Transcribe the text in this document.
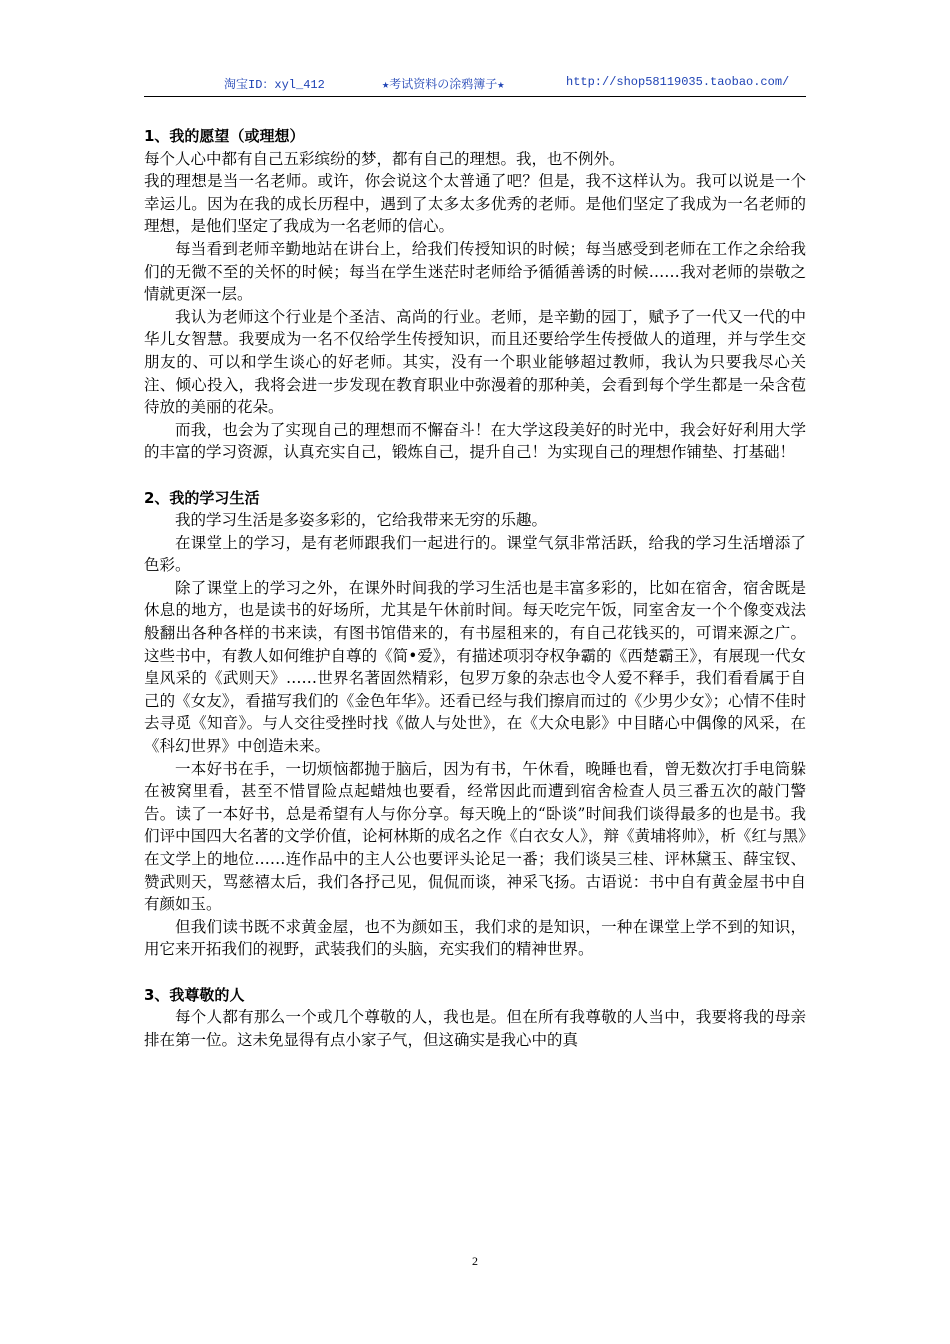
淘宝ID：xyl_412	★考试资料の涂鸦簿子★	http://shop58119035.taobao.com/

1、我的愿望（或理想）

每个人心中都有自己五彩缤纷的梦，都有自己的理想。我，也不例外。

我的理想是当一名老师。或许，你会说这个太普通了吧？但是，我不这样认为。我可以说是一个幸运儿。因为在我的成长历程中，遇到了太多太多优秀的老师。是他们坚定了我成为一名老师的理想，是他们坚定了我成为一名老师的信心。

每当看到老师辛勤地站在讲台上，给我们传授知识的时候；每当感受到老师在工作之余给我们的无微不至的关怀的时候；每当在学生迷茫时老师给予循循善诱的时候……我对老师的崇敬之情就更深一层。

我认为老师这个行业是个圣洁、高尚的行业。老师，是辛勤的园丁，赋予了一代又一代的中华儿女智慧。我要成为一名不仅给学生传授知识，而且还要给学生传授做人的道理，并与学生交朋友的、可以和学生谈心的好老师。其实，没有一个职业能够超过教师，我认为只要我尽心关注、倾心投入，我将会进一步发现在教育职业中弥漫着的那种美，会看到每个学生都是一朵含苞待放的美丽的花朵。

而我，也会为了实现自己的理想而不懈奋斗！在大学这段美好的时光中，我会好好利用大学的丰富的学习资源，认真充实自己，锻炼自己，提升自己！为实现自己的理想作铺垫、打基础！

2、我的学习生活

我的学习生活是多姿多彩的，它给我带来无穷的乐趣。

在课堂上的学习，是有老师跟我们一起进行的。课堂气氛非常活跃，给我的学习生活增添了色彩。

除了课堂上的学习之外，在课外时间我的学习生活也是丰富多彩的，比如在宿舍，宿舍既是休息的地方，也是读书的好场所，尤其是午休前时间。每天吃完午饭，同室舍友一个个像变戏法般翻出各种各样的书来读，有图书馆借来的，有书屋租来的，有自己花钱买的，可谓来源之广。这些书中，有教人如何维护自尊的《简•爱》，有描述项羽夺权争霸的《西楚霸王》，有展现一代女皇风采的《武则天》……世界名著固然精彩，包罗万象的杂志也令人爱不释手，我们看看属于自己的《女友》，看描写我们的《金色年华》。还看已经与我们擦肩而过的《少男少女》；心情不佳时去寻觅《知音》。与人交往受挫时找《做人与处世》，在《大众电影》中目睹心中偶像的风采，在《科幻世界》中创造未来。

一本好书在手，一切烦恼都抛于脑后，因为有书，午休看，晚睡也看，曾无数次打手电筒躲在被窝里看，甚至不惜冒险点起蜡烛也要看，经常因此而遭到宿舍检查人员三番五次的敲门警告。读了一本好书，总是希望有人与你分享。每天晚上的“卧谈”时间我们谈得最多的也是书。我们评中国四大名著的文学价值，论柯林斯的成名之作《白衣女人》，辩《黄埔将帅》，析《红与黑》在文学上的地位……连作品中的主人公也要评头论足一番；我们谈吴三桂、评林黛玉、薛宝钗、赞武则天，骂慈禧太后，我们各抒己见，侃侃而谈，神采飞扬。古语说：书中自有黄金屋书中自有颜如玉。

但我们读书既不求黄金屋，也不为颜如玉，我们求的是知识，一种在课堂上学不到的知识，用它来开拓我们的视野，武装我们的头脑，充实我们的精神世界。

3、我尊敬的人

每个人都有那么一个或几个尊敬的人，我也是。但在所有我尊敬的人当中，我要将我的母亲排在第一位。这未免显得有点小家子气，但这确实是我心中的真

2
